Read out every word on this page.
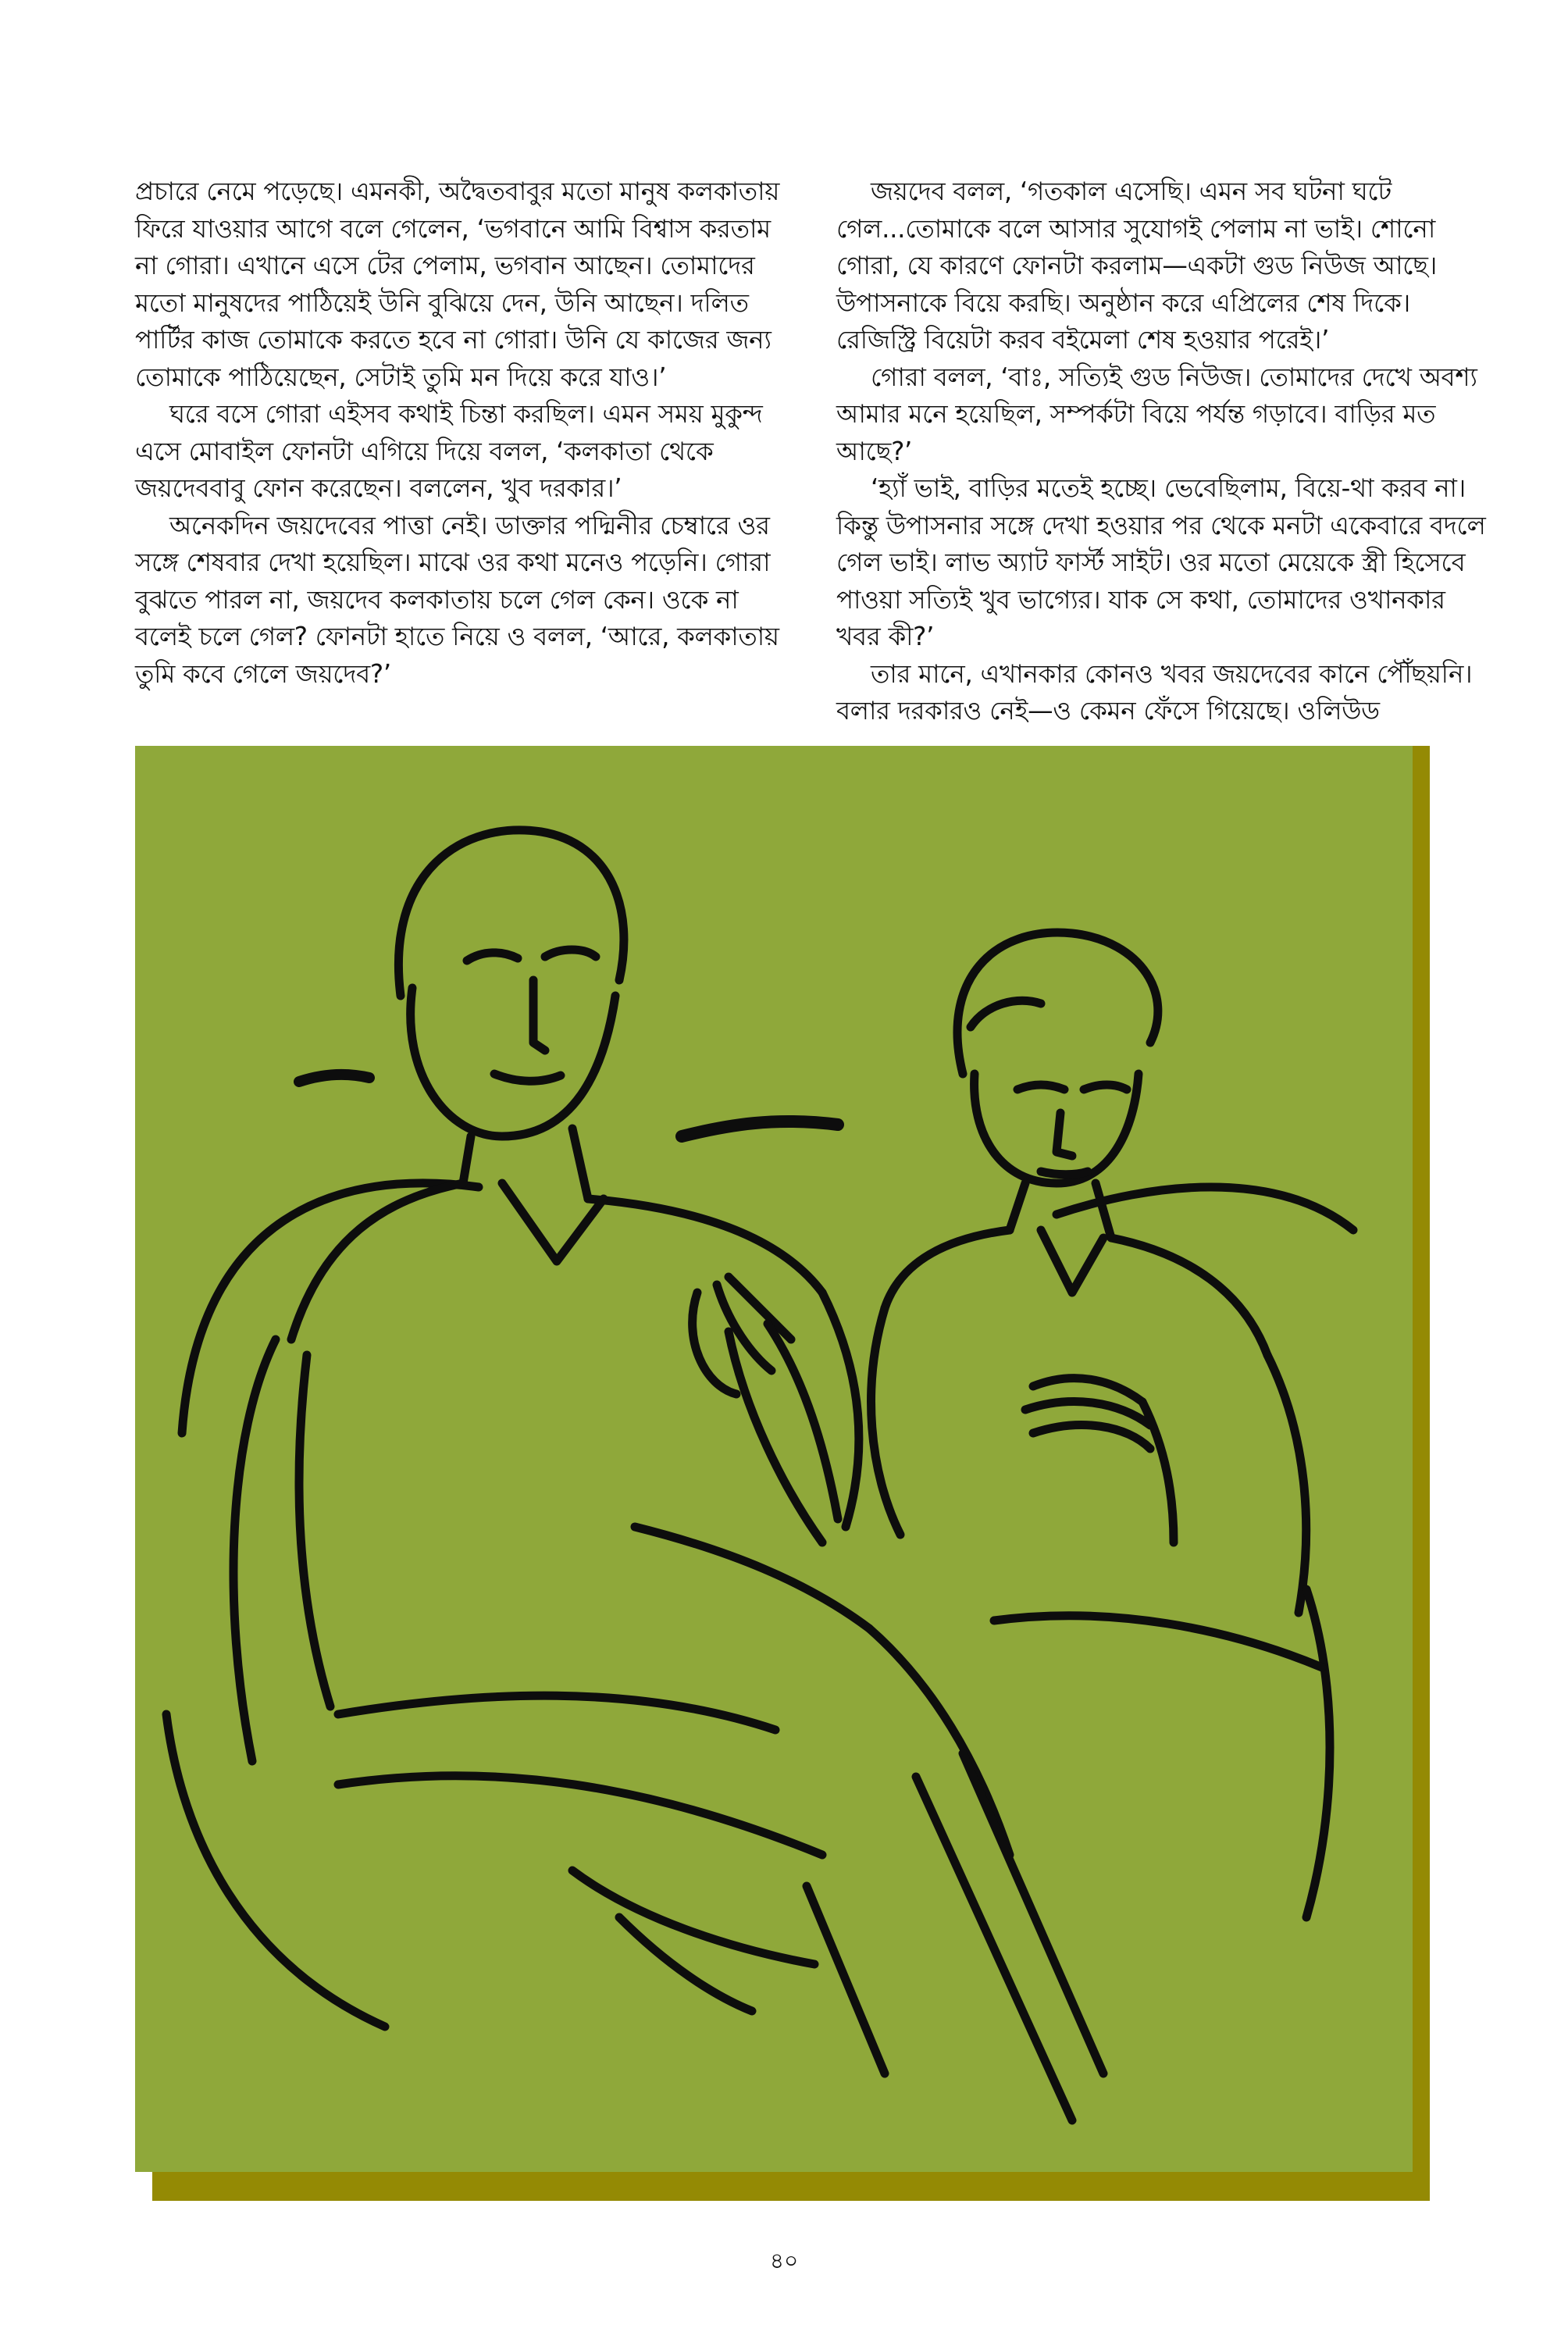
প্রচারে নেমে পড়েছে। এমনকী, অদ্বৈতবাবুর মতো মানুষ কলকাতায় ফিরে যাওয়ার আগে বলে গেলেন, ‘ভগবানে আমি বিশ্বাস করতাম না গোরা। এখানে এসে টের পেলাম, ভগবান আছেন। তোমাদের মতো মানুষদের পাঠিয়েই উনি বুঝিয়ে দেন, উনি আছেন। দলিত পার্টির কাজ তোমাকে করতে হবে না গোরা। উনি যে কাজের জন্য তোমাকে পাঠিয়েছেন, সেটাই তুমি মন দিয়ে করে যাও।’

ঘরে বসে গোরা এইসব কথাই চিন্তা করছিল। এমন সময় মুকুন্দ এসে মোবাইল ফোনটা এগিয়ে দিয়ে বলল, ‘কলকাতা থেকে জয়দেববাবু ফোন করেছেন। বললেন, খুব দরকার।’

অনেকদিন জয়দেবের পাত্তা নেই। ডাক্তার পদ্মিনীর চেম্বারে ওর সঙ্গে শেষবার দেখা হয়েছিল। মাঝে ওর কথা মনেও পড়েনি। গোরা বুঝতে পারল না, জয়দেব কলকাতায় চলে গেল কেন। ওকে না বলেই চলে গেল? ফোনটা হাতে নিয়ে ও বলল, ‘আরে, কলকাতায় তুমি কবে গেলে জয়দেব?’

জয়দেব বলল, ‘গতকাল এসেছি। এমন সব ঘটনা ঘটে গেল...তোমাকে বলে আসার সুযোগই পেলাম না ভাই। শোনো গোরা, যে কারণে ফোনটা করলাম—একটা গুড নিউজ আছে। উপাসনাকে বিয়ে করছি। অনুষ্ঠান করে এপ্রিলের শেষ দিকে। রেজিস্ট্রি বিয়েটা করব বইমেলা শেষ হওয়ার পরেই।’

গোরা বলল, ‘বাঃ, সত্যিই গুড নিউজ। তোমাদের দেখে অবশ্য আমার মনে হয়েছিল, সম্পর্কটা বিয়ে পর্যন্ত গড়াবে। বাড়ির মত আছে?’

‘হ্যাঁ ভাই, বাড়ির মতেই হচ্ছে। ভেবেছিলাম, বিয়ে-থা করব না। কিন্তু উপাসনার সঙ্গে দেখা হওয়ার পর থেকে মনটা একেবারে বদলে গেল ভাই। লাভ অ্যাট ফার্স্ট সাইট। ওর মতো মেয়েকে স্ত্রী হিসেবে পাওয়া সত্যিই খুব ভাগ্যের। যাক সে কথা, তোমাদের ওখানকার খবর কী?’

তার মানে, এখানকার কোনও খবর জয়দেবের কানে পৌঁছয়নি। বলার দরকারও নেই—ও কেমন ফেঁসে গিয়েছে। ওলিউড

৪০
